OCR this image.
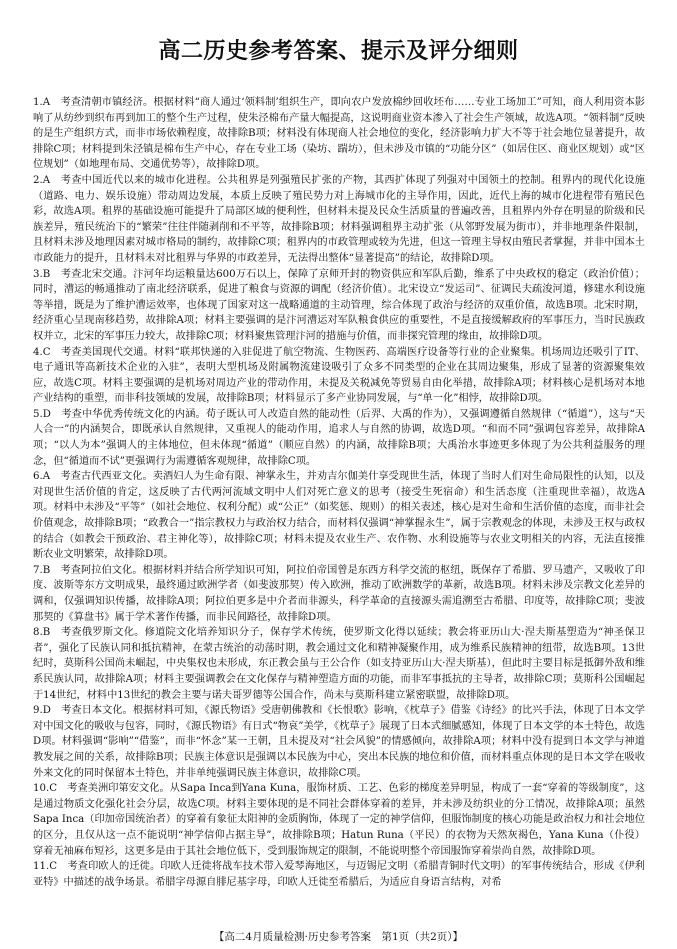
高二历史参考答案、提示及评分细则

1.A　考查清朝市镇经济。根据材料“商人通过‘领料制’组织生产，即向农户发放棉纱回收坯布……专业工场加工”可知，商人利用资本影响了从纺纱到织布再到加工的整个生产过程，使朱泾棉布产量大幅提高，这说明商业资本渗入了社会生产领域，故选A项。“领料制”反映的是生产组织方式，而非市场依赖程度，故排除B项；材料没有体现商人社会地位的变化，经济影响力扩大不等于社会地位显著提升，故排除C项；材料提到朱泾镇是棉布生产中心，存在专业工场（染坊、踹坊），但未涉及市镇的“功能分区”（如居住区、商业区规划）或“区位规划”（如地理布局、交通优势等），故排除D项。

2.A　考查中国近代以来的城市化进程。公共租界是列强殖民扩张的产物，其西扩体现了列强对中国领土的控制。租界内的现代化设施（道路、电力、娱乐设施）带动周边发展，本质上反映了殖民势力对上海城市化的主导作用，因此，近代上海的城市化进程带有殖民色彩，故选A项。租界的基础设施可能提升了局部区域的便利性，但材料未提及民众生活质量的普遍改善，且租界内外存在明显的阶级和民族差异，殖民统治下的“繁荣”往往伴随剥削和不平等，故排除B项；材料强调租界主动扩张（从邻野发展为街市），并非地理条件限制，且材料未涉及地理因素对城市格局的制约，故排除C项；租界内的市政管理或较为先进，但这一管理主导权由殖民者掌握，并非中国本土市政能力的提升，且材料未对比租界与华界的市政差异，无法得出整体“显著提高”的结论，故排除D项。

3.B　考查北宋交通。汴河年均运粮量达600万石以上，保障了京师开封的物资供应和军队后勤，维系了中央政权的稳定（政治价值）；同时，漕运的畅通推动了南北经济联系，促进了粮食与资源的调配（经济价值）。北宋设立“发运司”、征调民夫疏浚河道，修建水利设施等举措，既是为了维护漕运效率，也体现了国家对这一战略通道的主动管理，综合体现了政治与经济的双重价值，故选B项。北宋时期，经济重心呈现南移趋势，故排除A项；材料主要强调的是汴河漕运对军队粮食供应的重要性，不是直接缓解政府的军事压力，当时民族政权并立，北宋的军事压力较大，故排除C项；材料聚焦管理汴河的措施与价值，而非探究管理的缘由，故排除D项。

4.C　考查美国现代交通。材料“联邦快递的入驻促进了航空物流、生物医药、高端医疗设备等行业的企业聚集。机场周边还吸引了IT、电子通讯等高新技术企业的入驻”，表明大型机场及附属物流建设吸引了众多不同类型的企业在其周边聚集，形成了显著的资源聚集效应，故选C项。材料主要强调的是机场对周边产业的带动作用，未提及关税减免等贸易自由化举措，故排除A项；材料核心是机场对本地产业结构的重塑，而非科技领域的发展，故排除B项；材料显示了多产业协同发展，与“单一化”相悖，故排除D项。

5.D　考查中华优秀传统文化的内涵。荀子既认可人改造自然的能动性（后羿、大禹的作为），又强调遵循自然规律（“循道”），这与“天人合一”的内涵契合，即既承认自然规律，又重视人的能动作用，追求人与自然的协调，故选D项。“和而不同”强调包容差异，故排除A项；“以人为本”强调人的主体地位，但未体现“循道”（顺应自然）的内涵，故排除B项；大禹治水事迹更多体现了为公共利益服务的理念，但“循道而不试”更强调行为需遵循客观规律，故排除C项。

6.A　考查古代西亚文化。卖酒妇人为生命有限、神掌永生，并劝吉尔伽美什享受现世生活，体现了当时人们对生命局限性的认知，以及对现世生活价值的肯定，这反映了古代两河流域文明中人们对死亡意义的思考（接受生死宿命）和生活态度（注重现世幸福），故选A项。材料中未涉及“平等”（如社会地位、权利分配）或“公正”（如奖惩、规则）的相关表述，核心是对生命和生活价值的态度，而非社会价值观念，故排除B项；“政教合一”指宗教权力与政治权力结合，而材料仅强调“神掌握永生”，属于宗教观念的体现，未涉及王权与政权的结合（如教会干预政治、君主神化等），故排除C项；材料未提及农业生产、农作物、水利设施等与农业文明相关的内容，无法直接推断农业文明繁荣，故排除D项。

7.B　考查阿拉伯文化。根据材料并结合所学知识可知，阿拉伯帝国曾是东西方科学交流的枢纽，既保存了希腊、罗马遗产，又吸收了印度、波斯等东方文明成果，最终通过欧洲学者（如斐波那契）传入欧洲，推动了欧洲数学的革新，故选B项。材料未涉及宗教文化差异的调和，仅强调知识传播，故排除A项；阿拉伯更多是中介者而非源头，科学革命的直接源头需追溯至古希腊、印度等，故排除C项；斐波那契的《算盘书》属于学术著作传播，而非民间路径，故排除D项。

8.B　考查俄罗斯文化。修道院文化培养知识分子，保存学术传统，使罗斯文化得以延续；教会将亚历山大·涅夫斯基塑造为“神圣保卫者”，强化了民族认同和抵抗精神，在蒙古统治的动荡时期，教会通过文化和精神凝聚作用，成为维系民族精神的纽带，故选B项。13世纪时，莫斯科公国尚未崛起，中央集权也未形成，东正教会虽与王公合作（如支持亚历山大·涅夫斯基），但此时主要目标是抵御外敌和维系民族认同，故排除A项；材料主要强调教会在文化保存与精神塑造方面的功能，而非军事抵抗的主导者，故排除C项；莫斯科公国崛起于14世纪，材料中13世纪的教会主要与诺夫哥罗德等公国合作，尚未与莫斯科建立紧密联盟，故排除D项。

9.D　考查日本文化。根据材料可知，《源氏物语》受唐朝佛教和《长恨歌》影响，《枕草子》借鉴《诗经》的比兴手法，体现了日本文学对中国文化的吸收与包容，同时，《源氏物语》有日式“物哀”美学，《枕草子》展现了日本式细腻感知，体现了日本文学的本土特色，故选D项。材料强调“影响”“借鉴”，而非“怀念”某一王朝，且未提及对“社会风貌”的情感倾向，故排除A项；材料中没有提到日本文学与神道教发展之间的关系，故排除B项；民族主体意识是强调以本民族为中心，突出本民族的地位和价值，而材料重点体现的是日本文学在吸收外来文化的同时保留本土特色，并非单纯强调民族主体意识，故排除C项。

10.C　考查美洲印第安文化。从Sapa Inca到Yana Kuna，服饰材质、工艺、色彩的梯度差异明显，构成了一套“穿着的等级制度”，这是通过物质文化强化社会分层，故选C项。材料主要体现的是不同社会群体穿着的差异，并未涉及纺织业的分工情况，故排除A项；虽然Sapa Inca（印加帝国统治者）的穿着有象征太阳神的金质胸饰，体现了一定的神学信仰，但服饰制度的核心功能是政治权力和社会地位的区分，且仅从这一点不能说明“神学信仰占据主导”，故排除B项；Hatun Runa（平民）的衣物为天然灰褐色，Yana Kuna（仆役）穿着无袖麻布短衫，这更多是由于其社会地位低下，受到服饰规定的限制，不能说明整个帝国服饰穿着崇尚自然，故排除D项。

11.C　考查印欧人的迁徙。印欧人迁徙将战车技术带入爱琴海地区，与迈锡尼文明（希腊青铜时代文明）的军事传统结合，形成《伊利亚特》中描述的战争场景。希腊字母源自腓尼基字母，印欧人迁徙至希腊后，为适应自身语言结构，对希

【高二4月质量检测·历史参考答案　第1页（共2页）】
